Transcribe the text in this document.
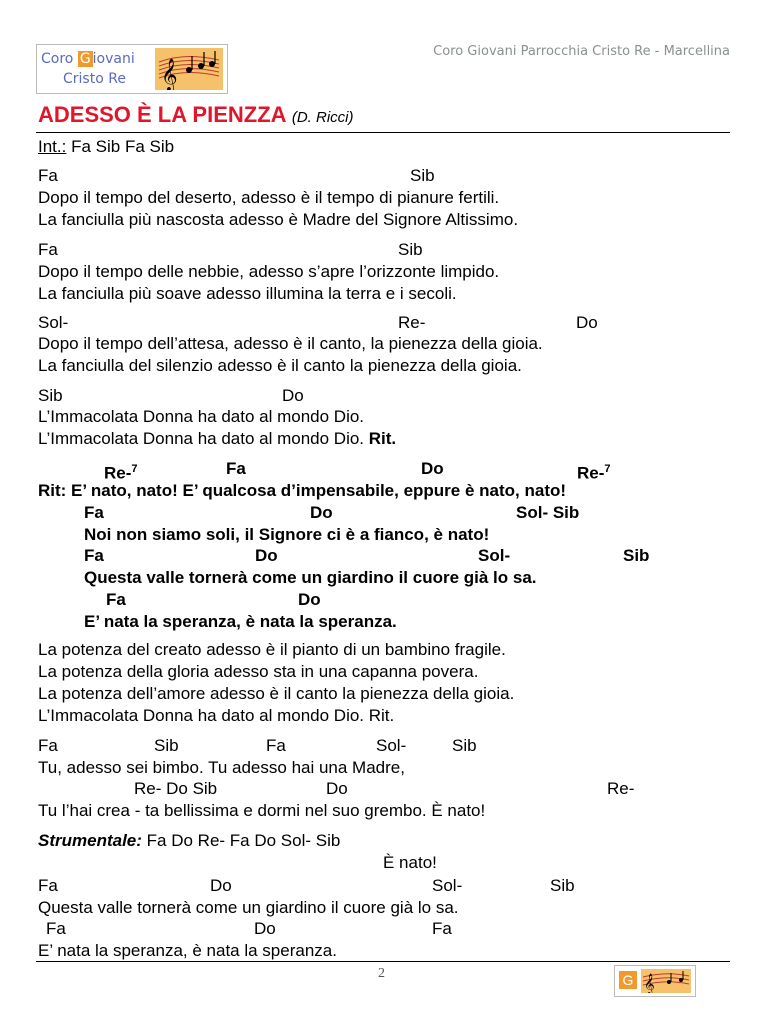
Coro G iovani
Cristo Re 𝄞
Coro Giovani Parrocchia Cristo Re - Marcellina
ADESSO È LA PIENZZA (D. Ricci)
Int.: Fa Sib Fa Sib
Fa	Sib
Dopo il tempo del deserto, adesso è il tempo di pianure fertili.
La fanciulla più nascosta adesso è Madre del Signore Altissimo.
Fa	Sib
Dopo il tempo delle nebbie, adesso s’apre l’orizzonte limpido.
La fanciulla più soave adesso illumina la terra e i secoli.
Sol-	Re-	Do
Dopo il tempo dell’attesa, adesso è il canto, la pienezza della gioia.
La fanciulla del silenzio adesso è il canto la pienezza della gioia.
Sib	Do
L’Immacolata Donna ha dato al mondo Dio.
L’Immacolata Donna ha dato al mondo Dio. Rit.
Re-$^7$	Fa	Do	Re-$^7$
Rit: E’ nato, nato! E’ qualcosa d’impensabile, eppure è nato, nato!
Fa	Do	Sol- Sib
Noi non siamo soli, il Signore ci è a fianco, è nato!
Fa	Do	Sol-	Sib
Questa valle tornerà come un giardino il cuore già lo sa.
Fa	Do
E’ nata la speranza, è nata la speranza.
La potenza del creato adesso è il pianto di un bambino fragile.
La potenza della gloria adesso sta in una capanna povera.
La potenza dell’amore adesso è il canto la pienezza della gioia.
L’Immacolata Donna ha dato al mondo Dio. Rit.
Fa	Sib	Fa	Sol-	Sib
Tu, adesso sei bimbo. Tu adesso hai una Madre,
Re- Do Sib	Do	Re-
Tu l’hai crea - ta bellissima e dormi nel suo grembo. È nato!
Strumentale: Fa Do Re- Fa Do Sol- Sib
È nato!
Fa	Do	Sol-	Sib
Questa valle tornerà come un giardino il cuore già lo sa.
Fa	Do	Fa
E’ nata la speranza, è nata la speranza.
2	G 𝄞
